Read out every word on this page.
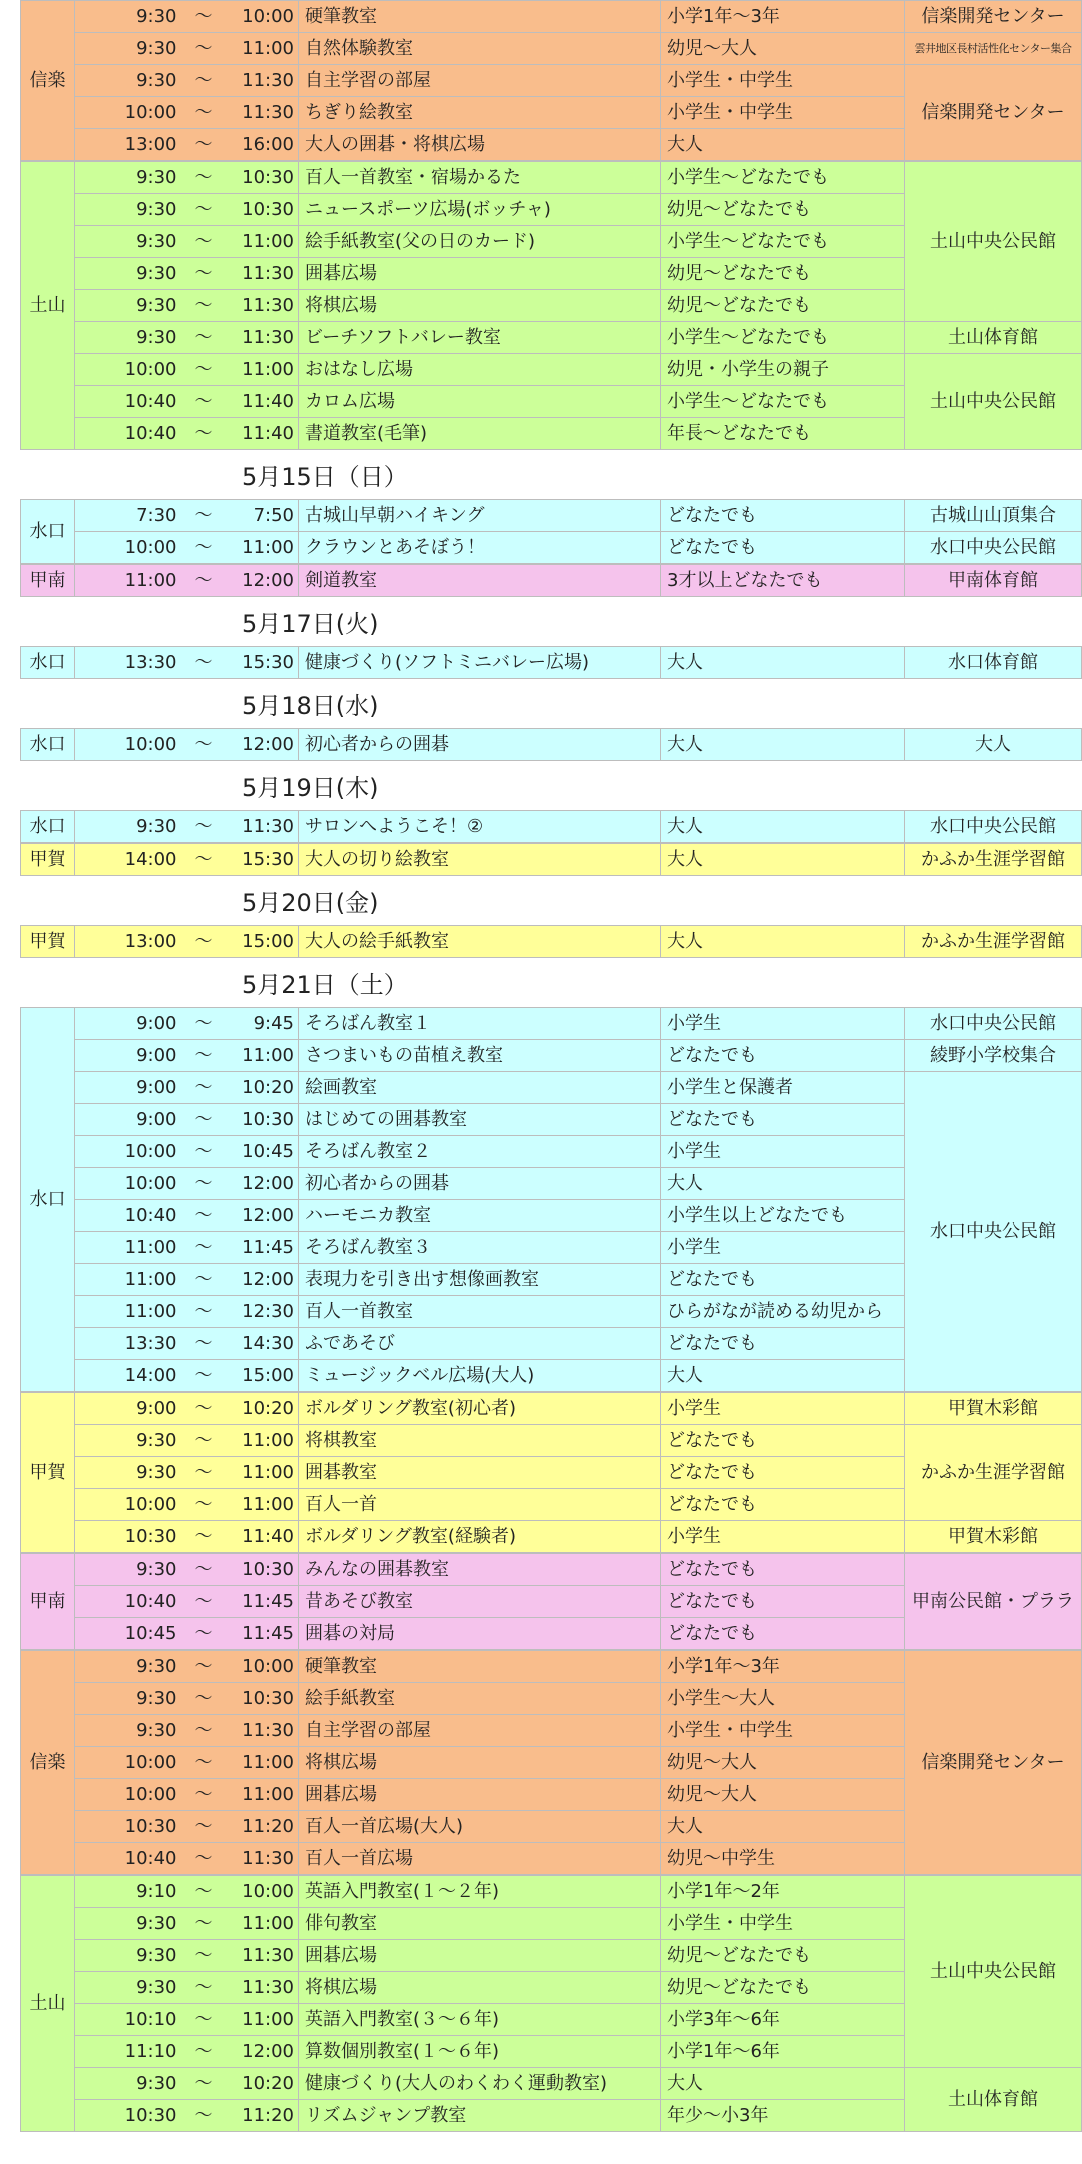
信楽	9:30	～	10:00	硬筆教室	小学1年～3年	信楽開発センター
	9:30	～	11:00	自然体験教室	幼児～大人	雲井地区長村活性化センター集合
	9:30	～	11:30	自主学習の部屋	小学生・中学生	信楽開発センター
	10:00	～	11:30	ちぎり絵教室	小学生・中学生	
	13:00	～	16:00	大人の囲碁・将棋広場	大人	
土山	9:30	～	10:30	百人一首教室・宿場かるた	小学生～どなたでも	土山中央公民館
	9:30	～	10:30	ニュースポーツ広場(ボッチャ)	幼児～どなたでも	
	9:30	～	11:00	絵手紙教室(父の日のカード)	小学生～どなたでも	
	9:30	～	11:30	囲碁広場	幼児～どなたでも	
	9:30	～	11:30	将棋広場	幼児～どなたでも	
	9:30	～	11:30	ビーチソフトバレー教室	小学生～どなたでも	土山体育館
	10:00	～	11:00	おはなし広場	幼児・小学生の親子	土山中央公民館
	10:40	～	11:40	カロム広場	小学生～どなたでも	
	10:40	～	11:40	書道教室(毛筆)	年長～どなたでも	
5月15日（日）
水口	7:30	～	7:50	古城山早朝ハイキング	どなたでも	古城山山頂集合
	10:00	～	11:00	クラウンとあそぼう！	どなたでも	水口中央公民館
甲南	11:00	～	12:00	剣道教室	3才以上どなたでも	甲南体育館
5月17日(火)
水口	13:30	～	15:30	健康づくり(ソフトミニバレー広場)	大人	水口体育館
5月18日(水)
水口	10:00	～	12:00	初心者からの囲碁	大人	大人
5月19日(木)
水口	9:30	～	11:30	サロンへようこそ！②	大人	水口中央公民館
甲賀	14:00	～	15:30	大人の切り絵教室	大人	かふか生涯学習館
5月20日(金)
甲賀	13:00	～	15:00	大人の絵手紙教室	大人	かふか生涯学習館
5月21日（土）
水口	9:00	～	9:45	そろばん教室１	小学生	水口中央公民館
	9:00	～	11:00	さつまいもの苗植え教室	どなたでも	綾野小学校集合
	9:00	～	10:20	絵画教室	小学生と保護者	水口中央公民館
	9:00	～	10:30	はじめての囲碁教室	どなたでも	
	10:00	～	10:45	そろばん教室２	小学生	
	10:00	～	12:00	初心者からの囲碁	大人	
	10:40	～	12:00	ハーモニカ教室	小学生以上どなたでも	
	11:00	～	11:45	そろばん教室３	小学生	
	11:00	～	12:00	表現力を引き出す想像画教室	どなたでも	
	11:00	～	12:30	百人一首教室	ひらがなが読める幼児から	
	13:30	～	14:30	ふであそび	どなたでも	
	14:00	～	15:00	ミュージックベル広場(大人)	大人	
甲賀	9:00	～	10:20	ボルダリング教室(初心者)	小学生	甲賀木彩館
	9:30	～	11:00	将棋教室	どなたでも	かふか生涯学習館
	9:30	～	11:00	囲碁教室	どなたでも	
	10:00	～	11:00	百人一首	どなたでも	
	10:30	～	11:40	ボルダリング教室(経験者)	小学生	甲賀木彩館
甲南	9:30	～	10:30	みんなの囲碁教室	どなたでも	甲南公民館・プララ
	10:40	～	11:45	昔あそび教室	どなたでも	
	10:45	～	11:45	囲碁の対局	どなたでも	
信楽	9:30	～	10:00	硬筆教室	小学1年～3年	信楽開発センター
	9:30	～	10:30	絵手紙教室	小学生～大人	
	9:30	～	11:30	自主学習の部屋	小学生・中学生	
	10:00	～	11:00	将棋広場	幼児～大人	
	10:00	～	11:00	囲碁広場	幼児～大人	
	10:30	～	11:20	百人一首広場(大人)	大人	
	10:40	～	11:30	百人一首広場	幼児～中学生	
土山	9:10	～	10:00	英語入門教室(１～２年)	小学1年～2年	土山中央公民館
	9:30	～	11:00	俳句教室	小学生・中学生	
	9:30	～	11:30	囲碁広場	幼児～どなたでも	
	9:30	～	11:30	将棋広場	幼児～どなたでも	
	10:10	～	11:00	英語入門教室(３～６年)	小学3年～6年	
	11:10	～	12:00	算数個別教室(１～６年)	小学1年～6年	
	9:30	～	10:20	健康づくり(大人のわくわく運動教室)	大人	土山体育館
	10:30	～	11:20	リズムジャンプ教室	年少～小3年	
